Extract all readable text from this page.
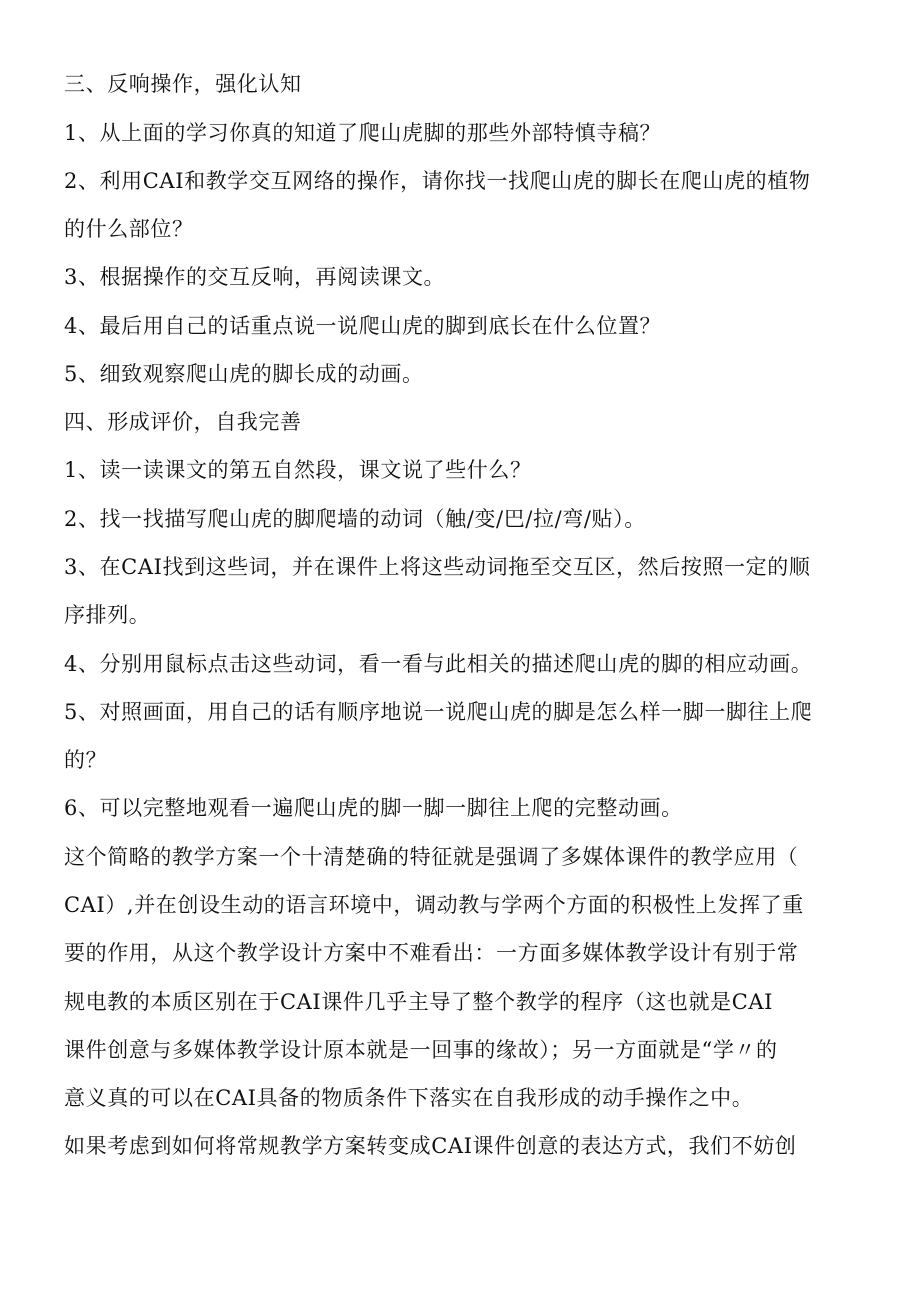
三、反响操作，强化认知
1、从上面的学习你真的知道了爬山虎脚的那些外部特慎寺稿？
2、利用CAI和教学交互网络的操作，请你找一找爬山虎的脚长在爬山虎的植物
的什么部位？
3、根据操作的交互反响，再阅读课文。
4、最后用自己的话重点说一说爬山虎的脚到底长在什么位置？
5、细致观察爬山虎的脚长成的动画。
四、形成评价，自我完善
1、读一读课文的第五自然段，课文说了些什么？
2、找一找描写爬山虎的脚爬墙的动词（触/变/巴/拉/弯/贴）。
3、在CAI找到这些词，并在课件上将这些动词拖至交互区，然后按照一定的顺
序排列。
4、分别用鼠标点击这些动词，看一看与此相关的描述爬山虎的脚的相应动画。
5、对照画面，用自己的话有顺序地说一说爬山虎的脚是怎么样一脚一脚往上爬
的？
6、可以完整地观看一遍爬山虎的脚一脚一脚往上爬的完整动画。
这个简略的教学方案一个十清楚确的特征就是强调了多媒体课件的教学应用（
CAI）,并在创设生动的语言环境中，调动教与学两个方面的积极性上发挥了重
要的作用，从这个教学设计方案中不难看出：一方面多媒体教学设计有别于常
规电教的本质区别在于CAI课件几乎主导了整个教学的程序（这也就是CAI
课件创意与多媒体教学设计原本就是一回事的缘故）；另一方面就是“学〃的
意义真的可以在CAI具备的物质条件下落实在自我形成的动手操作之中。
如果考虑到如何将常规教学方案转变成CAI课件创意的表达方式，我们不妨创
